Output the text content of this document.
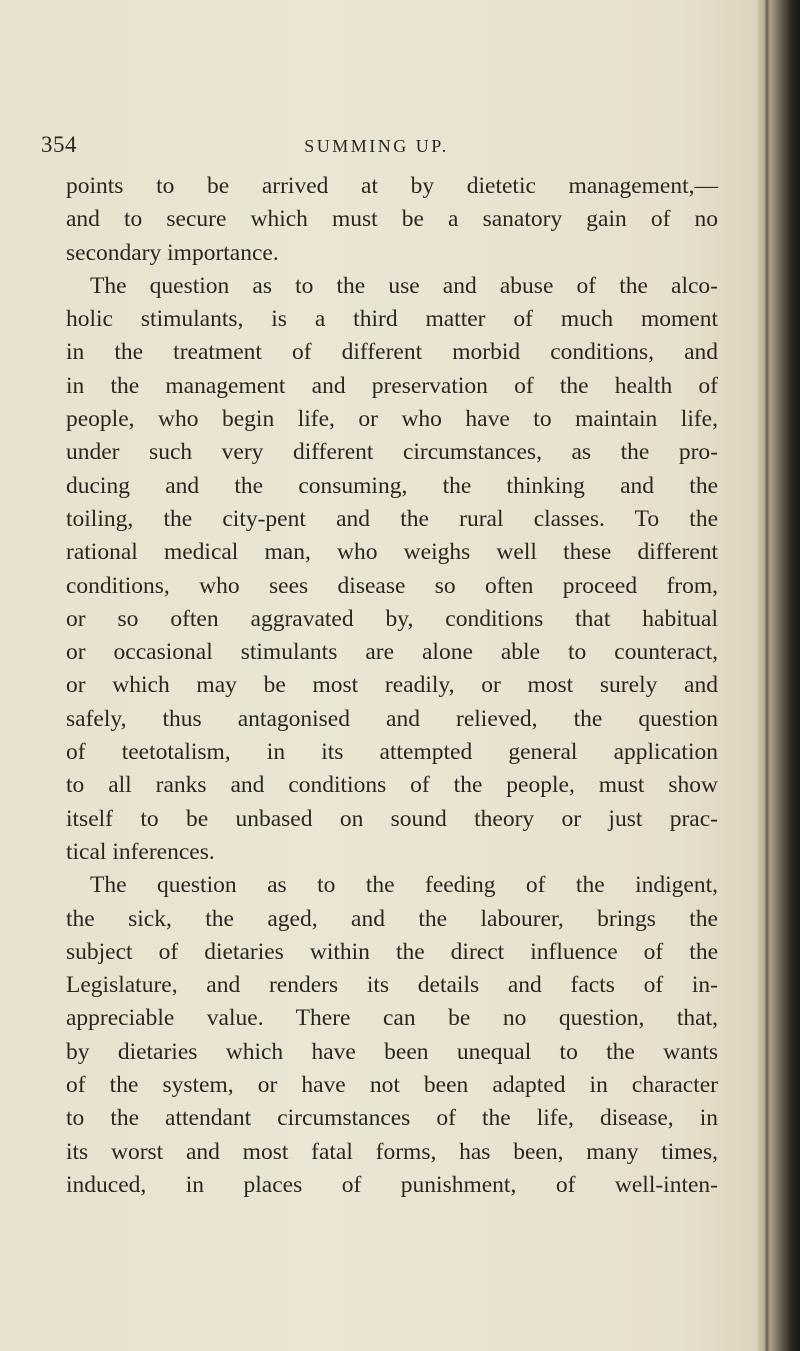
354	SUMMING UP.
points to be arrived at by dietetic management,—
and to secure which must be a sanatory gain of no
secondary importance.
The question as to the use and abuse of the alco-
holic stimulants, is a third matter of much moment
in the treatment of different morbid conditions, and
in the management and preservation of the health of
people, who begin life, or who have to maintain life,
under such very different circumstances, as the pro-
ducing and the consuming, the thinking and the
toiling, the city-pent and the rural classes. To the
rational medical man, who weighs well these different
conditions, who sees disease so often proceed from,
or so often aggravated by, conditions that habitual
or occasional stimulants are alone able to counteract,
or which may be most readily, or most surely and
safely, thus antagonised and relieved, the question
of teetotalism, in its attempted general application
to all ranks and conditions of the people, must show
itself to be unbased on sound theory or just prac-
tical inferences.
The question as to the feeding of the indigent,
the sick, the aged, and the labourer, brings the
subject of dietaries within the direct influence of the
Legislature, and renders its details and facts of in-
appreciable value. There can be no question, that,
by dietaries which have been unequal to the wants
of the system, or have not been adapted in character
to the attendant circumstances of the life, disease, in
its worst and most fatal forms, has been, many times,
induced, in places of punishment, of well-inten-
